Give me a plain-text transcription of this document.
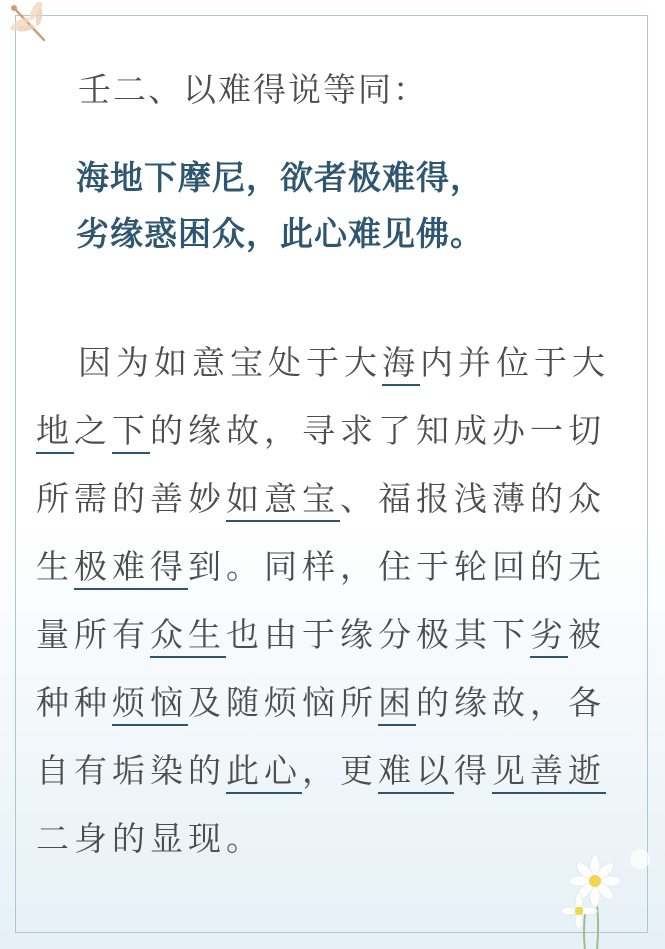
壬二、以难得说等同：
海地下摩尼，欲者极难得，
劣缘惑困众，此心难见佛。
因为如意宝处于大海内并位于大
地之下的缘故，寻求了知成办一切
所需的善妙如意宝、福报浅薄的众
生极难得到。同样，住于轮回的无
量所有众生也由于缘分极其下劣被
种种烦恼及随烦恼所困的缘故，各
自有垢染的此心，更难以得见善逝
二身的显现。
